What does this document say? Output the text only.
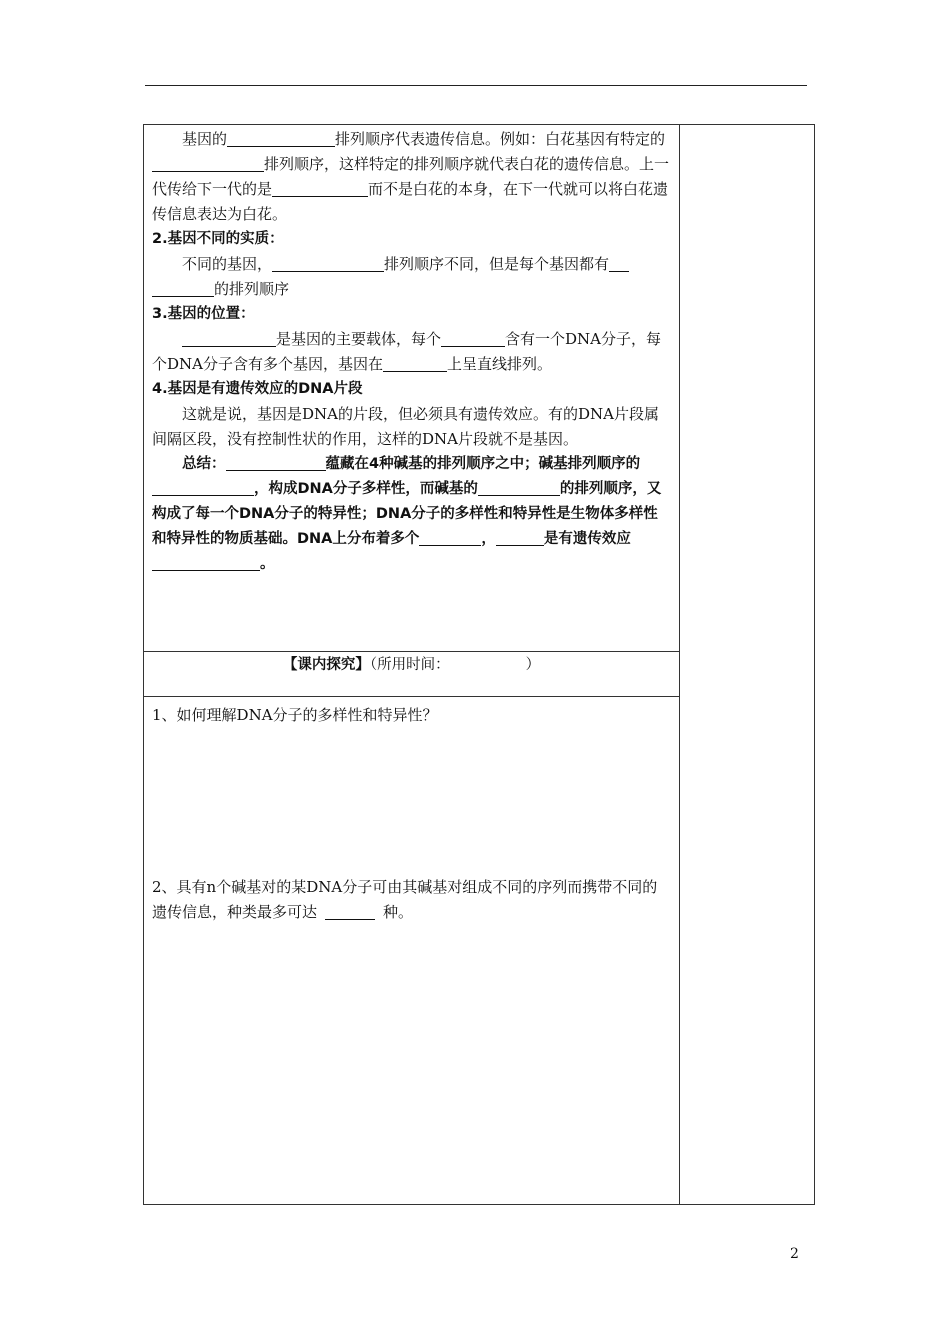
基因的	排列顺序代表遗传信息。例如：白花基因有特定的排列顺序，这样特定的排列顺序就代表白花的遗传信息。上一代传给下一代的是	而不是白花的本身，在下一代就可以将白花遗传信息表达为白花。

2.基因不同的实质：

不同的基因，	排列顺序不同，但是每个基因都有的排列顺序

3.基因的位置：

是基因的主要载体，每个	含有一个DNA分子，每个DNA分子含有多个基因，基因在	上呈直线排列。

4.基因是有遗传效应的DNA片段

这就是说，基因是DNA的片段，但必须具有遗传效应。有的DNA片段属间隔区段，没有控制性状的作用，这样的DNA片段就不是基因。

总结：	蕴藏在4种碱基的排列顺序之中；碱基排列顺序的，构成DNA分子多样性，而碱基的	的排列顺序，又构成了每一个DNA分子的特异性；DNA分子的多样性和特异性是生物体多样性和特异性的物质基础。DNA上分布着多个	，	是有遗传效应。

【课内探究】（所用时间：	）
1、如何理解DNA分子的多样性和特异性？
2、具有n个碱基对的某DNA分子可由其碱基对组成不同的序列而携带不同的遗传信息，种类最多可达	种。
2
